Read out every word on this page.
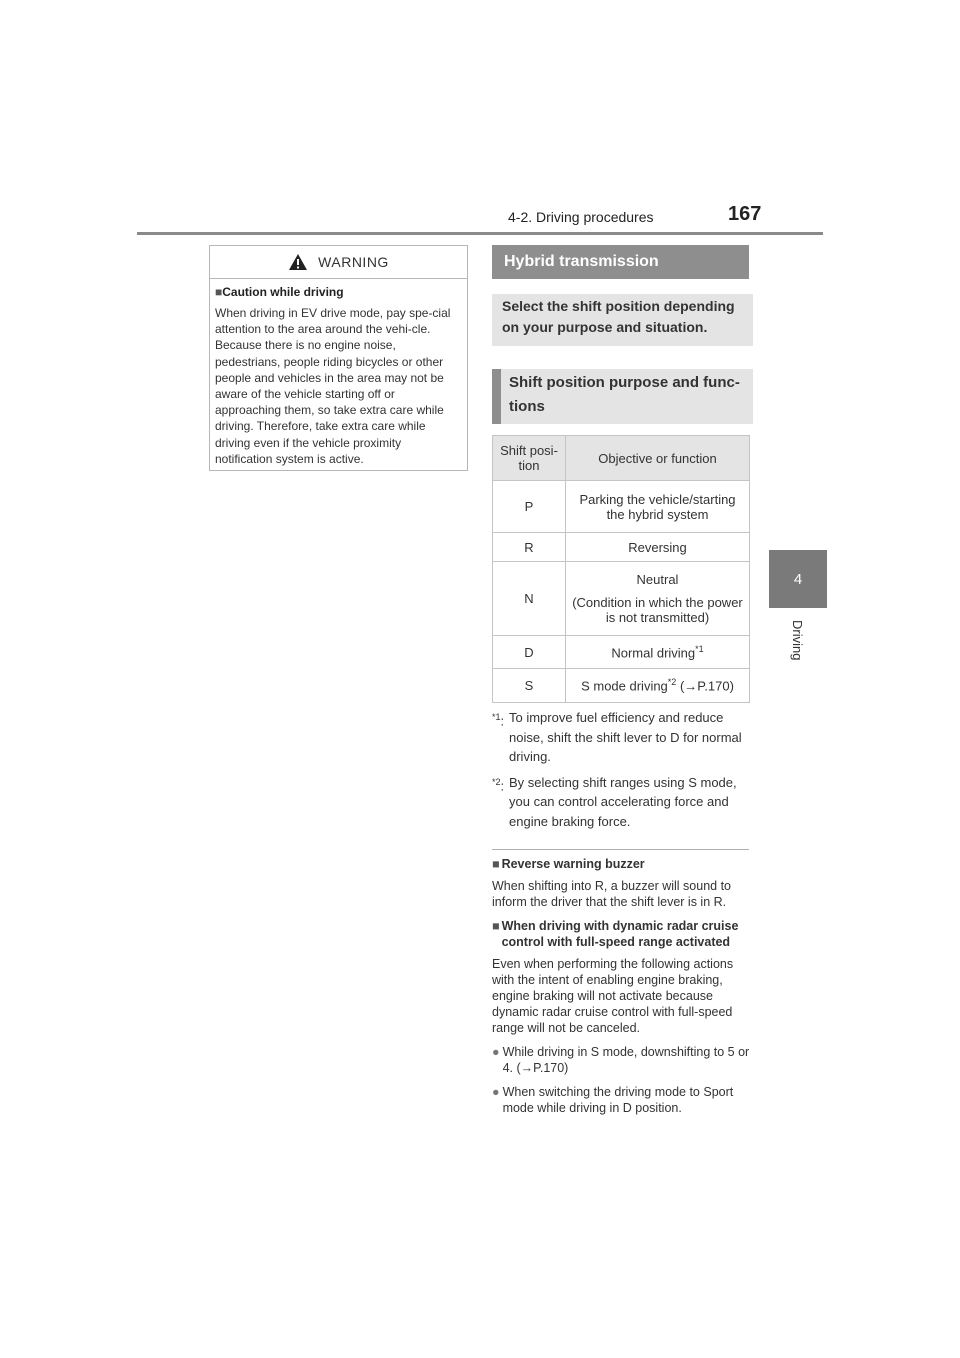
4-2. Driving procedures	167
4
Driving
WARNING
■Caution while driving
When driving in EV drive mode, pay spe-cial attention to the area around the vehi-cle. Because there is no engine noise, pedestrians, people riding bicycles or other people and vehicles in the area may not be aware of the vehicle starting off or approaching them, so take extra care while driving. Therefore, take extra care while driving even if the vehicle proximity notification system is active.
Hybrid transmission
Select the shift position depending on your purpose and situation.
Shift position purpose and func-tions
Shift posi-tion	Objective or function
P	Parking the vehicle/starting the hybrid system
R	Reversing
N	Neutral
(Condition in which the power is not transmitted)

D	Normal driving$^{*1}$
S	S mode driving$^{*2}$ (→P.170)
$^{*1}$: To improve fuel efficiency and reduce noise, shift the shift lever to D for normal driving.
$^{*2}$: By selecting shift ranges using S mode, you can control accelerating force and engine braking force.
■ Reverse warning buzzer

When shifting into R, a buzzer will sound to inform the driver that the shift lever is in R.

■ When driving with dynamic radar cruise control with full-speed range activated

Even when performing the following actions with the intent of enabling engine braking, engine braking will not activate because dynamic radar cruise control with full-speed range will not be canceled.

● While driving in S mode, downshifting to 5 or 4. (→P.170)
● When switching the driving mode to Sport mode while driving in D position.
